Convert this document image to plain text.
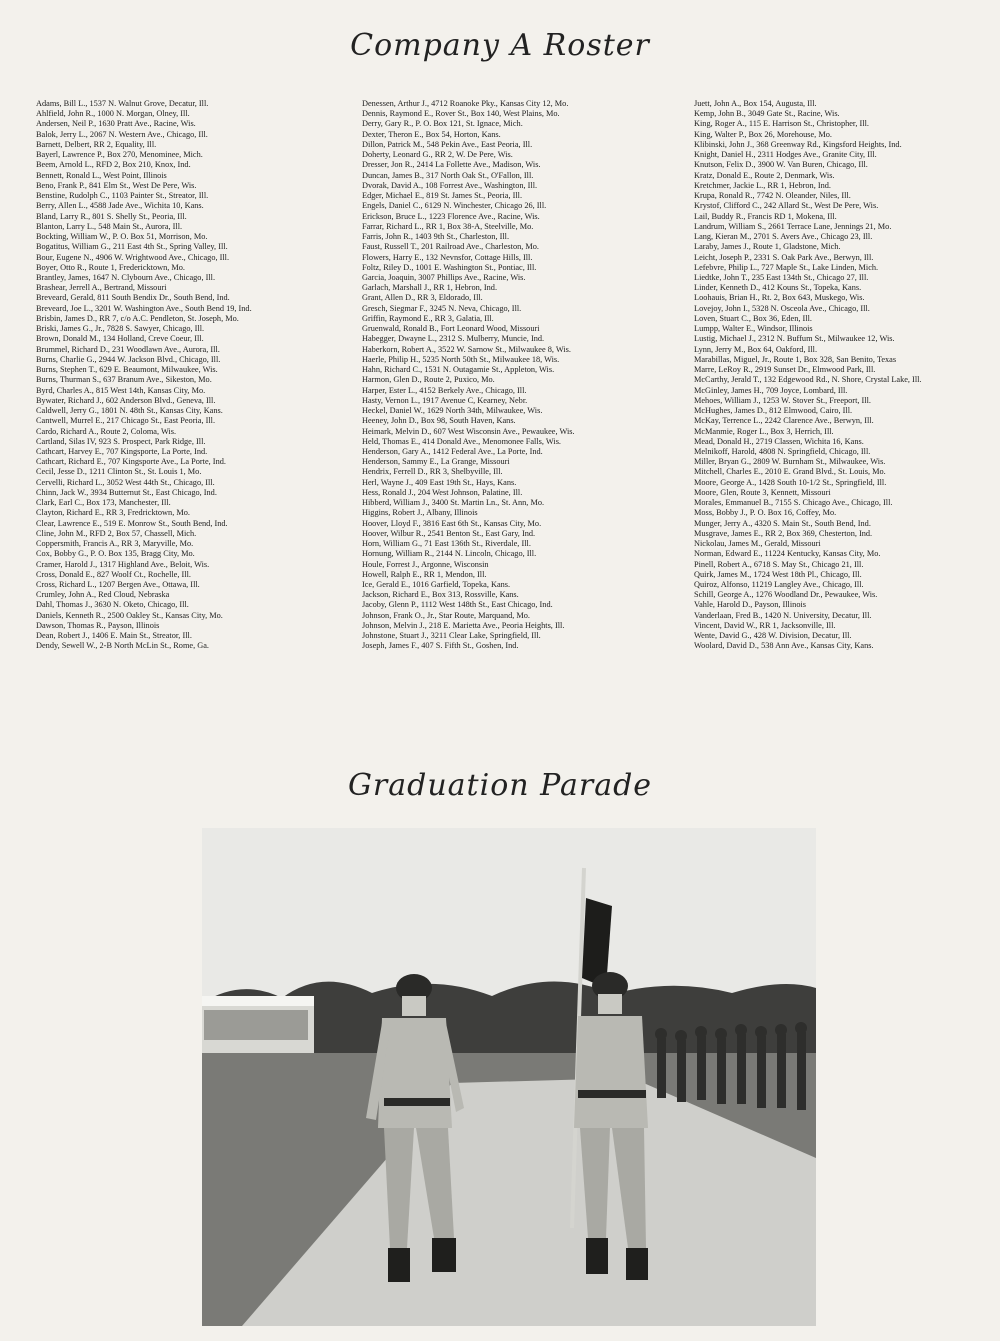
Company A Roster
Adams, Bill L., 1537 N. Walnut Grove, Decatur, Ill.
Ahlfield, John R., 1000 N. Morgan, Olney, Ill.
Andersen, Neil P., 1630 Pratt Ave., Racine, Wis.
Balok, Jerry L., 2067 N. Western Ave., Chicago, Ill.
Barnett, Delbert, RR 2, Equality, Ill.
Bayerl, Lawrence P., Box 270, Menominee, Mich.
Beem, Arnold L., RFD 2, Box 210, Knox, Ind.
Bennett, Ronald L., West Point, Illinois
Beno, Frank P., 841 Elm St., West De Pere, Wis.
Benstine, Rudolph C., 1103 Painter St., Streator, Ill.
Berry, Allen L., 4588 Jade Ave., Wichita 10, Kans.
Bland, Larry R., 801 S. Shelly St., Peoria, Ill.
Blanton, Larry L., 548 Main St., Aurora, Ill.
Bockting, William W., P. O. Box 51, Morrison, Mo.
Bogatitus, William G., 211 East 4th St., Spring Valley, Ill.
Bour, Eugene N., 4906 W. Wrightwood Ave., Chicago, Ill.
Boyer, Otto R., Route 1, Fredericktown, Mo.
Brantley, James, 1647 N. Clybourn Ave., Chicago, Ill.
Brashear, Jerrell A., Bertrand, Missouri
Breveard, Gerald, 811 South Bendix Dr., South Bend, Ind.
Breveard, Joe L., 3201 W. Washington Ave., South Bend 19, Ind.
Brisbin, James D., RR 7, c/o A.C. Pendleton, St. Joseph, Mo.
Briski, James G., Jr., 7828 S. Sawyer, Chicago, Ill.
Brown, Donald M., 134 Holland, Creve Coeur, Ill.
Brummel, Richard D., 231 Woodlawn Ave., Aurora, Ill.
Burns, Charlie G., 2944 W. Jackson Blvd., Chicago, Ill.
Burns, Stephen T., 629 E. Beaumont, Milwaukee, Wis.
Burns, Thurman S., 637 Branum Ave., Sikeston, Mo.
Byrd, Charles A., 815 West 14th, Kansas City, Mo.
Bywater, Richard J., 602 Anderson Blvd., Geneva, Ill.
Caldwell, Jerry G., 1801 N. 48th St., Kansas City, Kans.
Cantwell, Murrel E., 217 Chicago St., East Peoria, Ill.
Cardo, Richard A., Route 2, Coloma, Wis.
Cartland, Silas IV, 923 S. Prospect, Park Ridge, Ill.
Cathcart, Harvey E., 707 Kingsporte, La Porte, Ind.
Cathcart, Richard E., 707 Kingsporte Ave., La Porte, Ind.
Cecil, Jesse D., 1211 Clinton St., St. Louis 1, Mo.
Cervelli, Richard L., 3052 West 44th St., Chicago, Ill.
Chinn, Jack W., 3934 Butternut St., East Chicago, Ind.
Clark, Earl C., Box 173, Manchester, Ill.
Clayton, Richard E., RR 3, Fredricktown, Mo.
Clear, Lawrence E., 519 E. Monrow St., South Bend, Ind.
Cline, John M., RFD 2, Box 57, Chassell, Mich.
Coppersmith, Francis A., RR 3, Maryville, Mo.
Cox, Bobby G., P. O. Box 135, Bragg City, Mo.
Cramer, Harold J., 1317 Highland Ave., Beloit, Wis.
Cross, Donald E., 827 Woolf Ct., Rochelle, Ill.
Cross, Richard L., 1207 Bergen Ave., Ottawa, Ill.
Crumley, John A., Red Cloud, Nebraska
Dahl, Thomas J., 3630 N. Oketo, Chicago, Ill.
Daniels, Kenneth R., 2500 Oakley St., Kansas City, Mo.
Dawson, Thomas R., Payson, Illinois
Dean, Robert J., 1406 E. Main St., Streator, Ill.
Dendy, Sewell W., 2-B North McLin St., Rome, Ga.
Denessen, Arthur J., 4712 Roanoke Pky., Kansas City 12, Mo.
Dennis, Raymond E., Rover St., Box 140, West Plains, Mo.
Derry, Gary R., P. O. Box 121, St. Ignace, Mich.
Dexter, Theron E., Box 54, Horton, Kans.
Dillon, Patrick M., 548 Pekin Ave., East Peoria, Ill.
Doherty, Leonard G., RR 2, W. De Pere, Wis.
Dresser, Jon R., 2414 La Follette Ave., Madison, Wis.
Duncan, James B., 317 North Oak St., O'Fallon, Ill.
Dvorak, David A., 108 Forrest Ave., Washington, Ill.
Edger, Michael E., 819 St. James St., Peoria, Ill.
Engels, Daniel C., 6129 N. Winchester, Chicago 26, Ill.
Erickson, Bruce L., 1223 Florence Ave., Racine, Wis.
Farrar, Richard L., RR 1, Box 38-A, Steelville, Mo.
Farris, John R., 1403 9th St., Charleston, Ill.
Faust, Russell T., 201 Railroad Ave., Charleston, Mo.
Flowers, Harry E., 132 Nevnsfor, Cottage Hills, Ill.
Foltz, Riley D., 1001 E. Washington St., Pontiac, Ill.
Garcia, Joaquin, 3007 Phillips Ave., Racine, Wis.
Garlach, Marshall J., RR 1, Hebron, Ind.
Grant, Allen D., RR 3, Eldorado, Ill.
Gresch, Siegmar F., 3245 N. Neva, Chicago, Ill.
Griffin, Raymond E., RR 3, Galatia, Ill.
Gruenwald, Ronald B., Fort Leonard Wood, Missouri
Habegger, Dwayne L., 2312 S. Mulberry, Muncie, Ind.
Haberkorn, Robert A., 3522 W. Sarnow St., Milwaukee 8, Wis.
Haerle, Philip H., 5235 North 50th St., Milwaukee 18, Wis.
Hahn, Richard C., 1531 N. Outagamie St., Appleton, Wis.
Harmon, Glen D., Route 2, Puxico, Mo.
Harper, Ester L., 4152 Berkely Ave., Chicago, Ill.
Hasty, Vernon L., 1917 Avenue C, Kearney, Nebr.
Heckel, Daniel W., 1629 North 34th, Milwaukee, Wis.
Heeney, John D., Box 98, South Haven, Kans.
Heimark, Melvin D., 607 West Wisconsin Ave., Pewaukee, Wis.
Held, Thomas E., 414 Donald Ave., Menomonee Falls, Wis.
Henderson, Gary A., 1412 Federal Ave., La Porte, Ind.
Henderson, Sammy E., La Grange, Missouri
Hendrix, Ferrell D., RR 3, Shelbyville, Ill.
Herl, Wayne J., 409 East 19th St., Hays, Kans.
Hess, Ronald J., 204 West Johnson, Palatine, Ill.
Hibberd, William J., 3400 St. Martin Ln., St. Ann, Mo.
Higgins, Robert J., Albany, Illinois
Hoover, Lloyd F., 3816 East 6th St., Kansas City, Mo.
Hoover, Wilbur R., 2541 Benton St., East Gary, Ind.
Horn, William G., 71 East 136th St., Riverdale, Ill.
Hornung, William R., 2144 N. Lincoln, Chicago, Ill.
Houle, Forrest J., Argonne, Wisconsin
Howell, Ralph E., RR 1, Mendon, Ill.
Ice, Gerald E., 1016 Garfield, Topeka, Kans.
Jackson, Richard E., Box 313, Rossville, Kans.
Jacoby, Glenn P., 1112 West 148th St., East Chicago, Ind.
Johnson, Frank O., Jr., Star Route, Marquand, Mo.
Johnson, Melvin J., 218 E. Marietta Ave., Peoria Heights, Ill.
Johnstone, Stuart J., 3211 Clear Lake, Springfield, Ill.
Joseph, James F., 407 S. Fifth St., Goshen, Ind.
Juett, John A., Box 154, Augusta, Ill.
Kemp, John B., 3049 Gate St., Racine, Wis.
King, Roger A., 115 E. Harrison St., Christopher, Ill.
King, Walter P., Box 26, Morehouse, Mo.
Klibinski, John J., 368 Greenway Rd., Kingsford Heights, Ind.
Knight, Daniel H., 2311 Hodges Ave., Granite City, Ill.
Knutson, Felix D., 3900 W. Van Buren, Chicago, Ill.
Kratz, Donald E., Route 2, Denmark, Wis.
Kretchmer, Jackie L., RR 1, Hebron, Ind.
Krupa, Ronald R., 7742 N. Oleander, Niles, Ill.
Krystof, Clifford C., 242 Allard St., West De Pere, Wis.
Lail, Buddy R., Francis RD 1, Mokena, Ill.
Landrum, William S., 2661 Terrace Lane, Jennings 21, Mo.
Lang, Kieran M., 2701 S. Avers Ave., Chicago 23, Ill.
Laraby, James J., Route 1, Gladstone, Mich.
Leicht, Joseph P., 2331 S. Oak Park Ave., Berwyn, Ill.
Lefebvre, Philip L., 727 Maple St., Lake Linden, Mich.
Liedtke, John T., 235 East 134th St., Chicago 27, Ill.
Linder, Kenneth D., 412 Kouns St., Topeka, Kans.
Loohauis, Brian H., Rt. 2, Box 643, Muskego, Wis.
Lovejoy, John I., 5328 N. Osceola Ave., Chicago, Ill.
Loven, Stuart C., Box 36, Eden, Ill.
Lumpp, Walter E., Windsor, Illinois
Lustig, Michael J., 2312 N. Buffum St., Milwaukee 12, Wis.
Lynn, Jerry M., Box 64, Oakford, Ill.
Marabillas, Miguel, Jr., Route 1, Box 328, San Benito, Texas
Marre, LeRoy R., 2919 Sunset Dr., Elmwood Park, Ill.
McCarthy, Jerald T., 132 Edgewood Rd., N. Shore, Crystal Lake, Ill.
McGinley, James H., 709 Joyce, Lombard, Ill.
Mehoes, William J., 1253 W. Stover St., Freeport, Ill.
McHughes, James D., 812 Elmwood, Cairo, Ill.
McKay, Terrence L., 2242 Clarence Ave., Berwyn, Ill.
McManmie, Roger L., Box 3, Herrich, Ill.
Mead, Donald H., 2719 Classen, Wichita 16, Kans.
Melnikoff, Harold, 4808 N. Springfield, Chicago, Ill.
Miller, Bryan G., 2809 W. Burnham St., Milwaukee, Wis.
Mitchell, Charles E., 2010 E. Grand Blvd., St. Louis, Mo.
Moore, George A., 1428 South 10-1/2 St., Springfield, Ill.
Moore, Glen, Route 3, Kennett, Missouri
Morales, Emmanuel B., 7155 S. Chicago Ave., Chicago, Ill.
Moss, Bobby J., P. O. Box 16, Coffey, Mo.
Munger, Jerry A., 4320 S. Main St., South Bend, Ind.
Musgrave, James E., RR 2, Box 369, Chesterton, Ind.
Nickolau, James M., Gerald, Missouri
Norman, Edward E., 11224 Kentucky, Kansas City, Mo.
Pinell, Robert A., 6718 S. May St., Chicago 21, Ill.
Quirk, James M., 1724 West 18th Pl., Chicago, Ill.
Quiroz, Alfonso, 11219 Langley Ave., Chicago, Ill.
Schill, George A., 1276 Woodland Dr., Pewaukee, Wis.
Vahle, Harold D., Payson, Illinois
Vanderlaan, Fred B., 1420 N. University, Decatur, Ill.
Vincent, David W., RR 1, Jacksonville, Ill.
Wente, David G., 428 W. Division, Decatur, Ill.
Woolard, David D., 538 Ann Ave., Kansas City, Kans.
Graduation Parade
